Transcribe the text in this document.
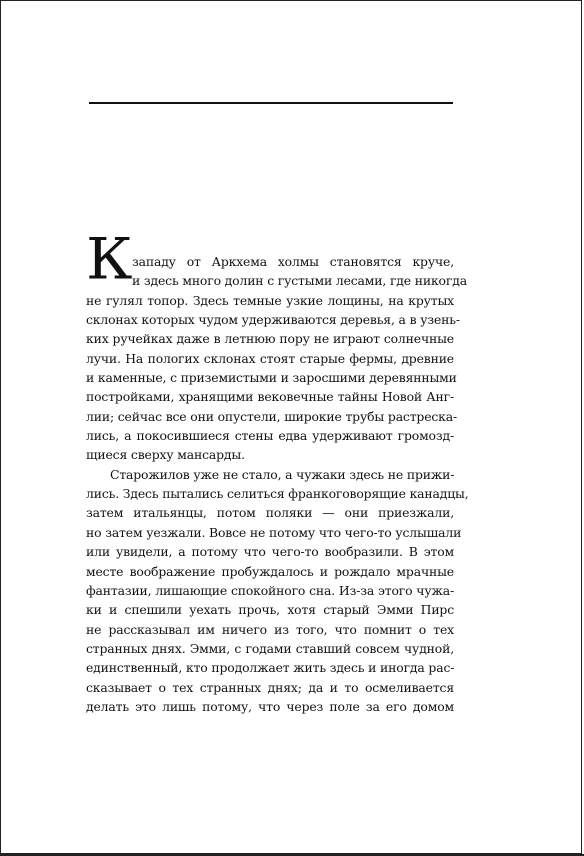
К западу от Аркхема холмы становятся круче,
и здесь много долин с густыми лесами, где никогда
не гулял топор. Здесь темные узкие лощины, на крутых
склонах которых чудом удерживаются деревья, а в узень-
ких ручейках даже в летнюю пору не играют солнечные
лучи. На пологих склонах стоят старые фермы, древние
и каменные, с приземистыми и заросшими деревянными
постройками, хранящими вековечные тайны Новой Анг-
лии; сейчас все они опустели, широкие трубы растреска-
лись, а покосившиеся стены едва удерживают громозд-
щиеся сверху мансарды.
Старожилов уже не стало, а чужаки здесь не прижи-
лись. Здесь пытались селиться франкоговорящие канадцы,
затем итальянцы, потом поляки — они приезжали,
но затем уезжали. Вовсе не потому что чего-то услышали
или увидели, а потому что чего-то вообразили. В этом
месте воображение пробуждалось и рождало мрачные
фантазии, лишающие спокойного сна. Из-за этого чужа-
ки и спешили уехать прочь, хотя старый Эмми Пирс
не рассказывал им ничего из того, что помнит о тех
странных днях. Эмми, с годами ставший совсем чудной,
единственный, кто продолжает жить здесь и иногда рас-
сказывает о тех странных днях; да и то осмеливается
делать это лишь потому, что через поле за его домом
